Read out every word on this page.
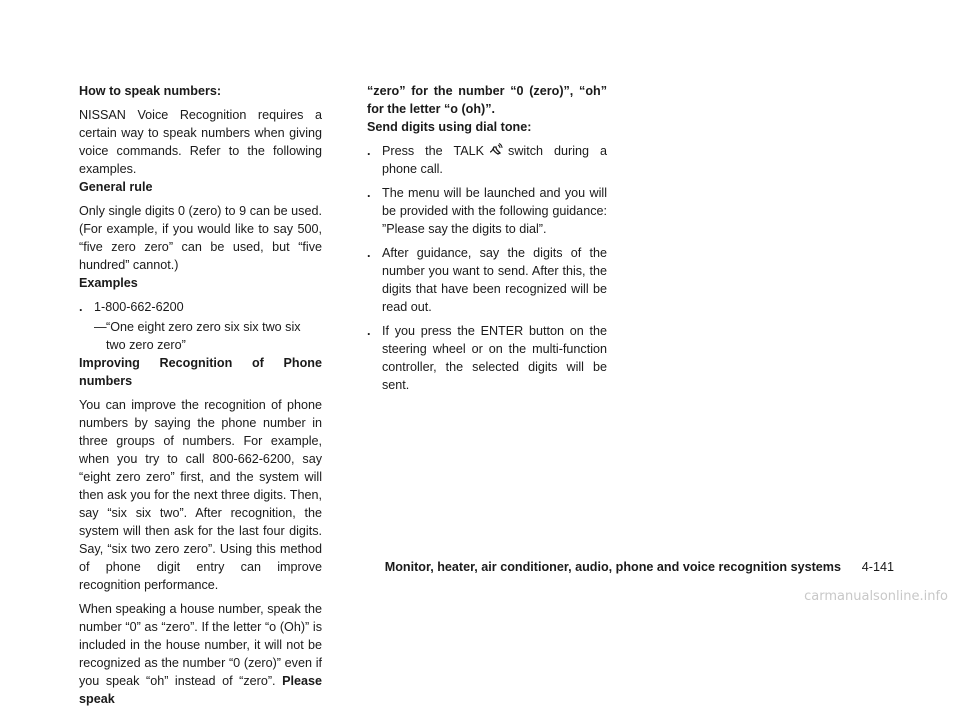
How to speak numbers:

NISSAN Voice Recognition requires a certain way to speak numbers when giving voice commands. Refer to the following examples.

General rule

Only single digits 0 (zero) to 9 can be used. (For example, if you would like to say 500, “five zero zero” can be used, but “five hundred” cannot.)

Examples

. 1-800-662-6200
— “One eight zero zero six six two six two zero zero”

Improving Recognition of Phone numbers

You can improve the recognition of phone numbers by saying the phone number in three groups of numbers. For example, when you try to call 800-662-6200, say “eight zero zero” first, and the system will then ask you for the next three digits. Then, say “six six two”. After recognition, the system will then ask for the last four digits. Say, “six two zero zero”. Using this method of phone digit entry can improve recognition performance.

When speaking a house number, speak the number “0” as “zero”. If the letter “o (Oh)” is included in the house number, it will not be recognized as the number “0 (zero)” even if you speak “oh” instead of “zero”. Please speak

“zero” for the number “0 (zero)”, “oh” for the letter “o (oh)”.

Send digits using dial tone:

. Press the TALK switch during a phone call.
. The menu will be launched and you will be provided with the following guidance: ”Please say the digits to dial”.
. After guidance, say the digits of the number you want to send. After this, the digits that have been recognized will be read out.
. If you press the ENTER button on the steering wheel or on the multi-function controller, the selected digits will be sent.
Monitor, heater, air conditioner, audio, phone and voice recognition systems 4-141
carmanualsonline.info
